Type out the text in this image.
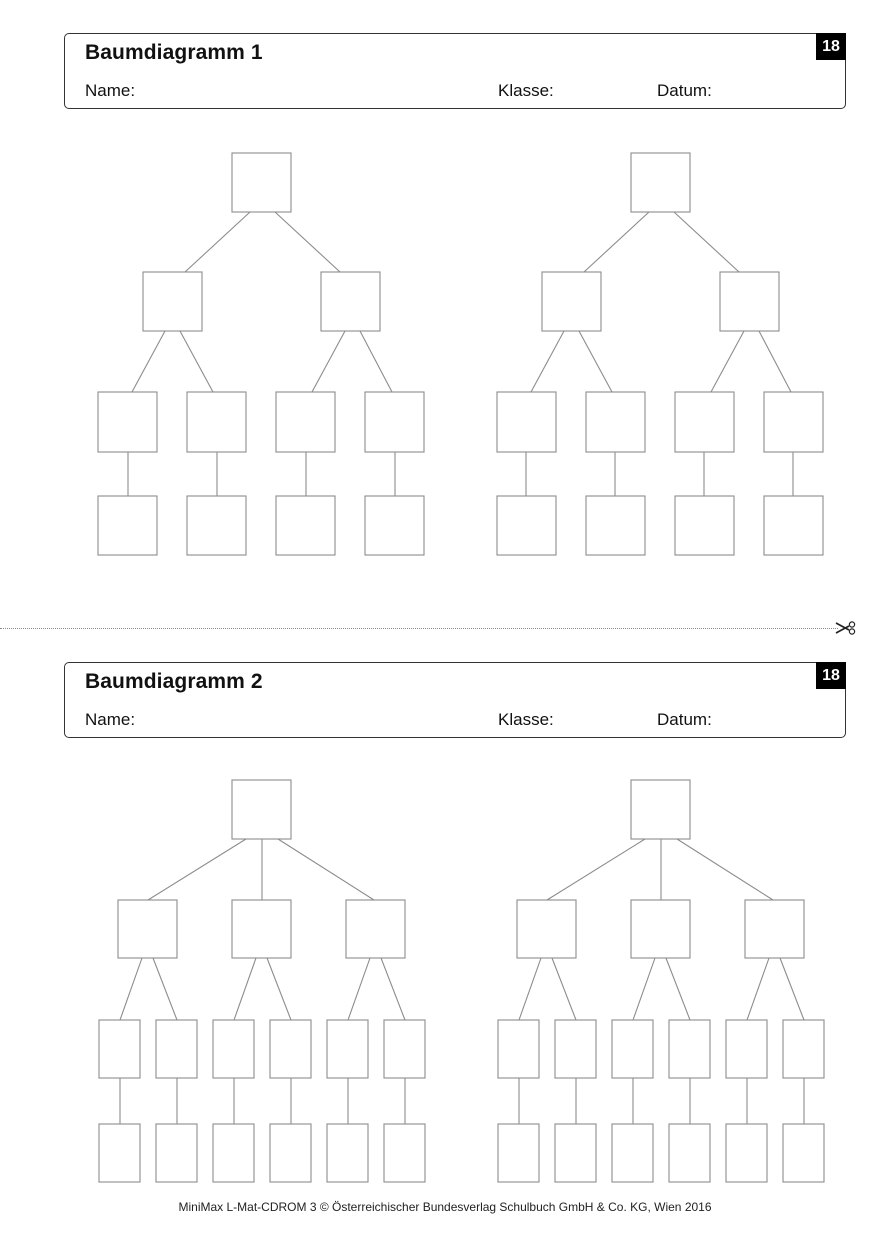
Baumdiagramm 1
Name:	Klasse:	Datum:
18
Baumdiagramm 2
Name:	Klasse:	Datum:
18
MiniMax L-Mat-CDROM 3 © Österreichischer Bundesverlag Schulbuch GmbH & Co. KG, Wien 2016
